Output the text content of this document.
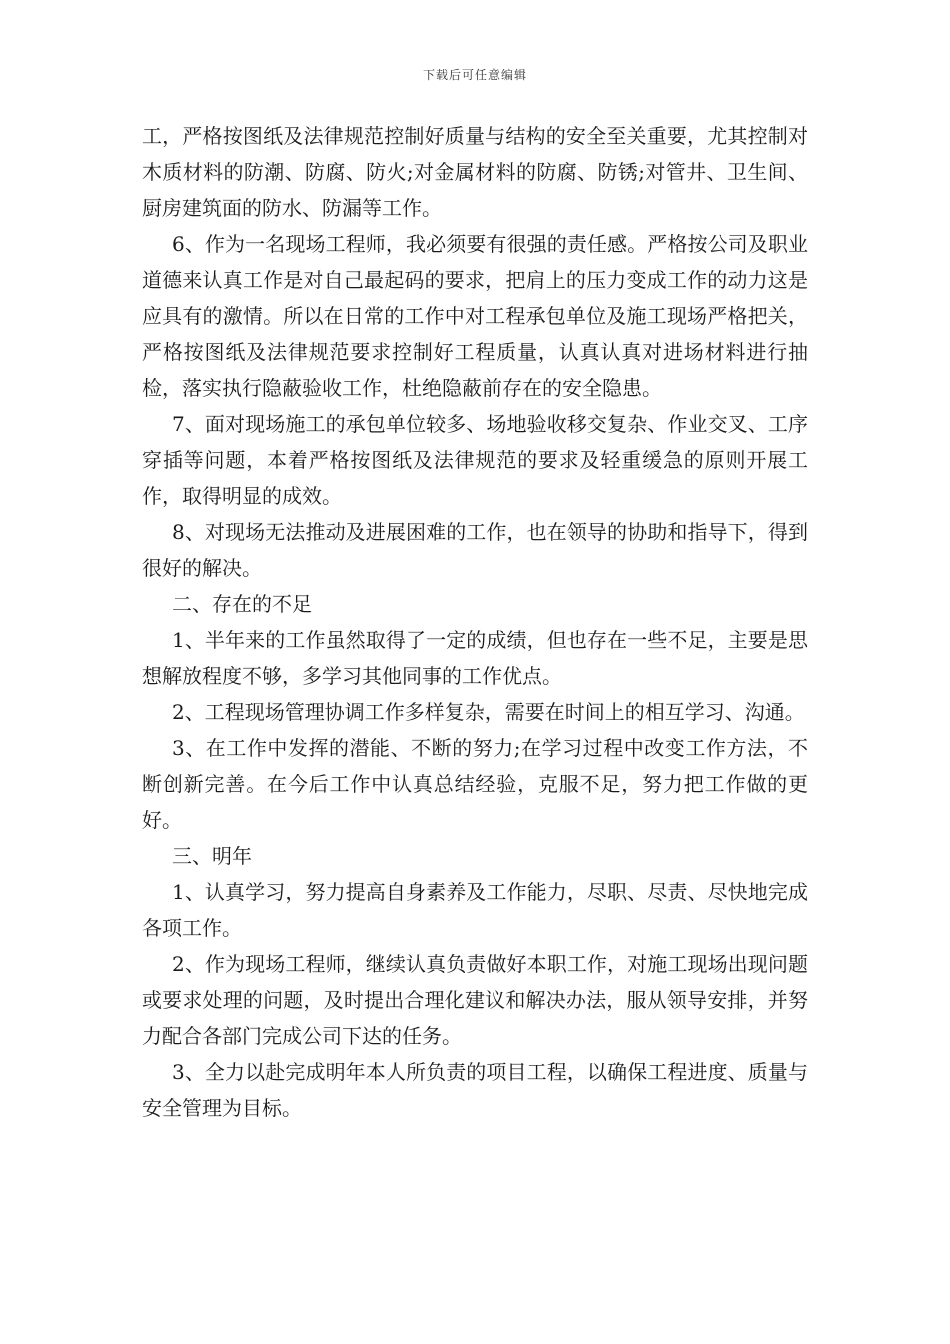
下载后可任意编辑

工，严格按图纸及法律规范控制好质量与结构的安全至关重要，尤其控制对木质材料的防潮、防腐、防火;对金属材料的防腐、防锈;对管井、卫生间、厨房建筑面的防水、防漏等工作。

6、作为一名现场工程师，我必须要有很强的责任感。严格按公司及职业道德来认真工作是对自己最起码的要求，把肩上的压力变成工作的动力这是应具有的激情。所以在日常的工作中对工程承包单位及施工现场严格把关，严格按图纸及法律规范要求控制好工程质量，认真认真对进场材料进行抽检，落实执行隐蔽验收工作，杜绝隐蔽前存在的安全隐患。

7、面对现场施工的承包单位较多、场地验收移交复杂、作业交叉、工序穿插等问题，本着严格按图纸及法律规范的要求及轻重缓急的原则开展工作，取得明显的成效。

8、对现场无法推动及进展困难的工作，也在领导的协助和指导下，得到很好的解决。

二、存在的不足

1、半年来的工作虽然取得了一定的成绩，但也存在一些不足，主要是思想解放程度不够，多学习其他同事的工作优点。

2、工程现场管理协调工作多样复杂，需要在时间上的相互学习、沟通。

3、在工作中发挥的潜能、不断的努力;在学习过程中改变工作方法，不断创新完善。在今后工作中认真总结经验，克服不足，努力把工作做的更好。

三、明年

1、认真学习，努力提高自身素养及工作能力，尽职、尽责、尽快地完成各项工作。

2、作为现场工程师，继续认真负责做好本职工作，对施工现场出现问题或要求处理的问题，及时提出合理化建议和解决办法，服从领导安排，并努力配合各部门完成公司下达的任务。

3、全力以赴完成明年本人所负责的项目工程，以确保工程进度、质量与安全管理为目标。
